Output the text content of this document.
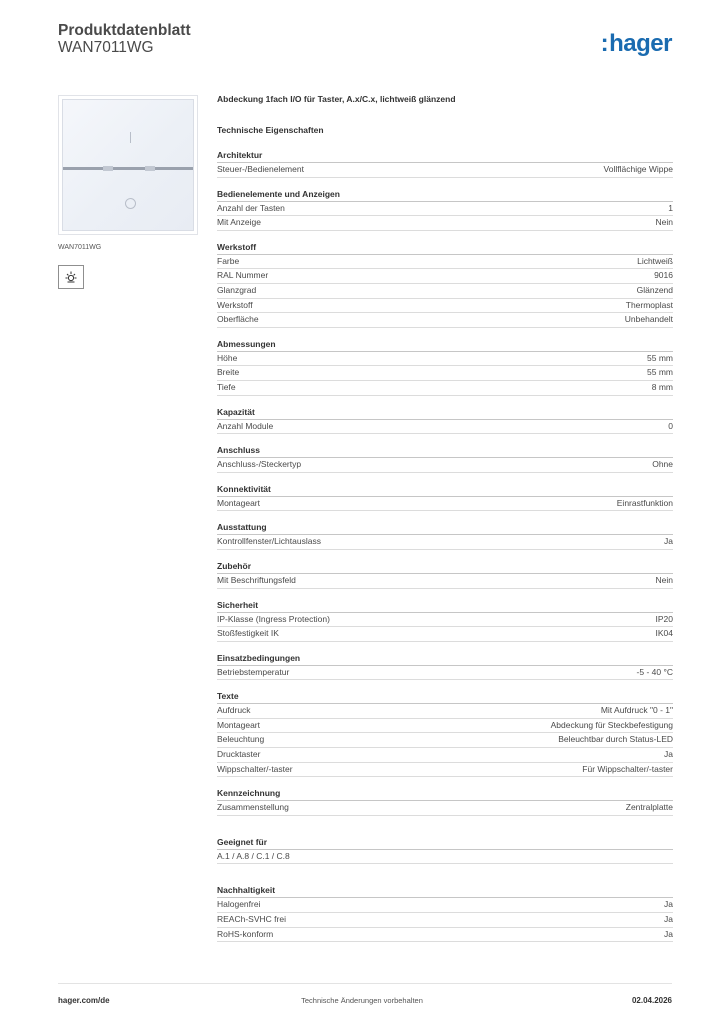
Produktdatenblatt
WAN7011WG	:hager
WAN7011WG
Abdeckung 1fach I/O für Taster, A.x/C.x, lichtweiß glänzend
Technische Eigenschaften
Architektur
Steuer-/Bedienelement	Vollflächige Wippe
Bedienelemente und Anzeigen
Anzahl der Tasten	1
Mit Anzeige	Nein
Werkstoff
Farbe	Lichtweiß
RAL Nummer	9016
Glanzgrad	Glänzend
Werkstoff	Thermoplast
Oberfläche	Unbehandelt
Abmessungen
Höhe	55 mm
Breite	55 mm
Tiefe	8 mm
Kapazität
Anzahl Module	0
Anschluss
Anschluss-/Steckertyp	Ohne
Konnektivität
Montageart	Einrastfunktion
Ausstattung
Kontrollfenster/Lichtauslass	Ja
Zubehör
Mit Beschriftungsfeld	Nein
Sicherheit
IP-Klasse (Ingress Protection)	IP20
Stoßfestigkeit IK	IK04
Einsatzbedingungen
Betriebstemperatur	-5 - 40 °C
Texte
Aufdruck	Mit Aufdruck "0 - 1"
Montageart	Abdeckung für Steckbefestigung
Beleuchtung	Beleuchtbar durch Status-LED
Drucktaster	Ja
Wippschalter/-taster	Für Wippschalter/-taster
Kennzeichnung
Zusammenstellung	Zentralplatte
Geeignet für
A.1 / A.8 / C.1 / C.8
Nachhaltigkeit
Halogenfrei	Ja
REACh-SVHC frei	Ja
RoHS-konform	Ja
hager.com/de	Technische Änderungen vorbehalten	02.04.2026
